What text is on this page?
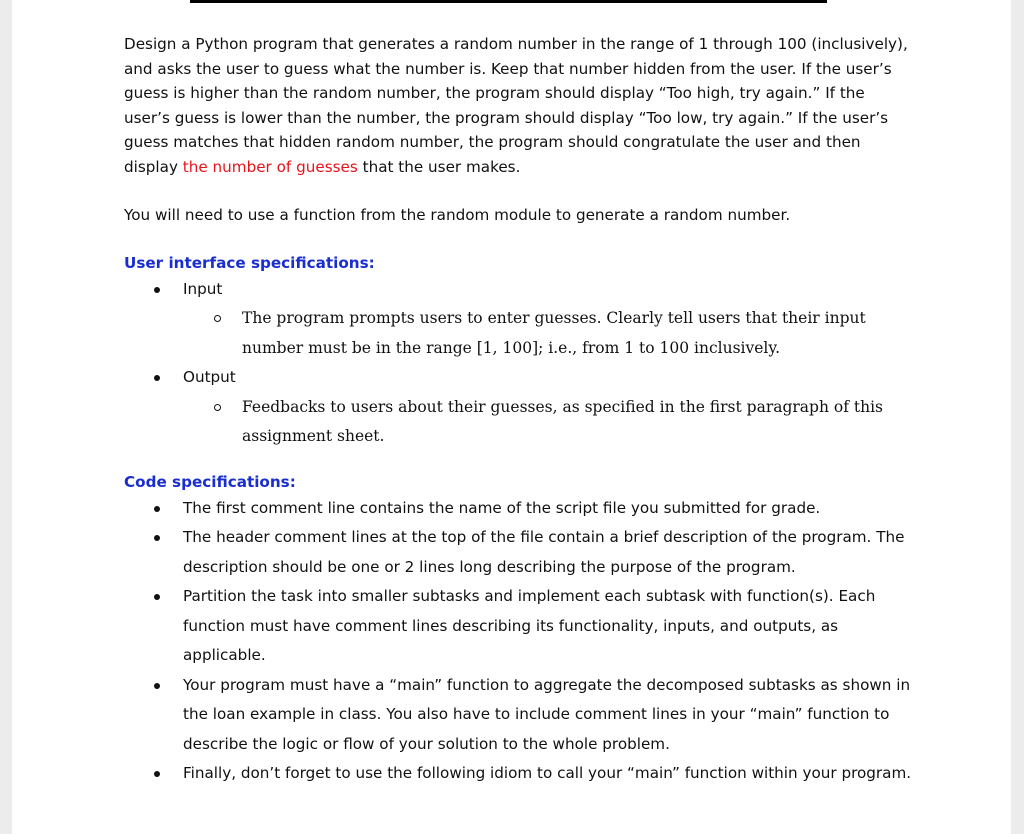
Design a Python program that generates a random number in the range of 1 through 100 (inclusively), and asks the user to guess what the number is. Keep that number hidden from the user. If the user’s guess is higher than the random number, the program should display “Too high, try again.” If the user’s guess is lower than the number, the program should display “Too low, try again.” If the user’s guess matches that hidden random number, the program should congratulate the user and then display the number of guesses that the user makes.

You will need to use a function from the random module to generate a random number.

User interface specifications:

Input
The program prompts users to enter guesses. Clearly tell users that their input number must be in the range [1, 100]; i.e., from 1 to 100 inclusively.
Output
Feedbacks to users about their guesses, as specified in the first paragraph of this assignment sheet.

Code specifications:

The first comment line contains the name of the script file you submitted for grade.
The header comment lines at the top of the file contain a brief description of the program. The description should be one or 2 lines long describing the purpose of the program.
Partition the task into smaller subtasks and implement each subtask with function(s). Each function must have comment lines describing its functionality, inputs, and outputs, as applicable.
Your program must have a “main” function to aggregate the decomposed subtasks as shown in the loan example in class. You also have to include comment lines in your “main” function to describe the logic or flow of your solution to the whole problem.
Finally, don’t forget to use the following idiom to call your “main” function within your program.
